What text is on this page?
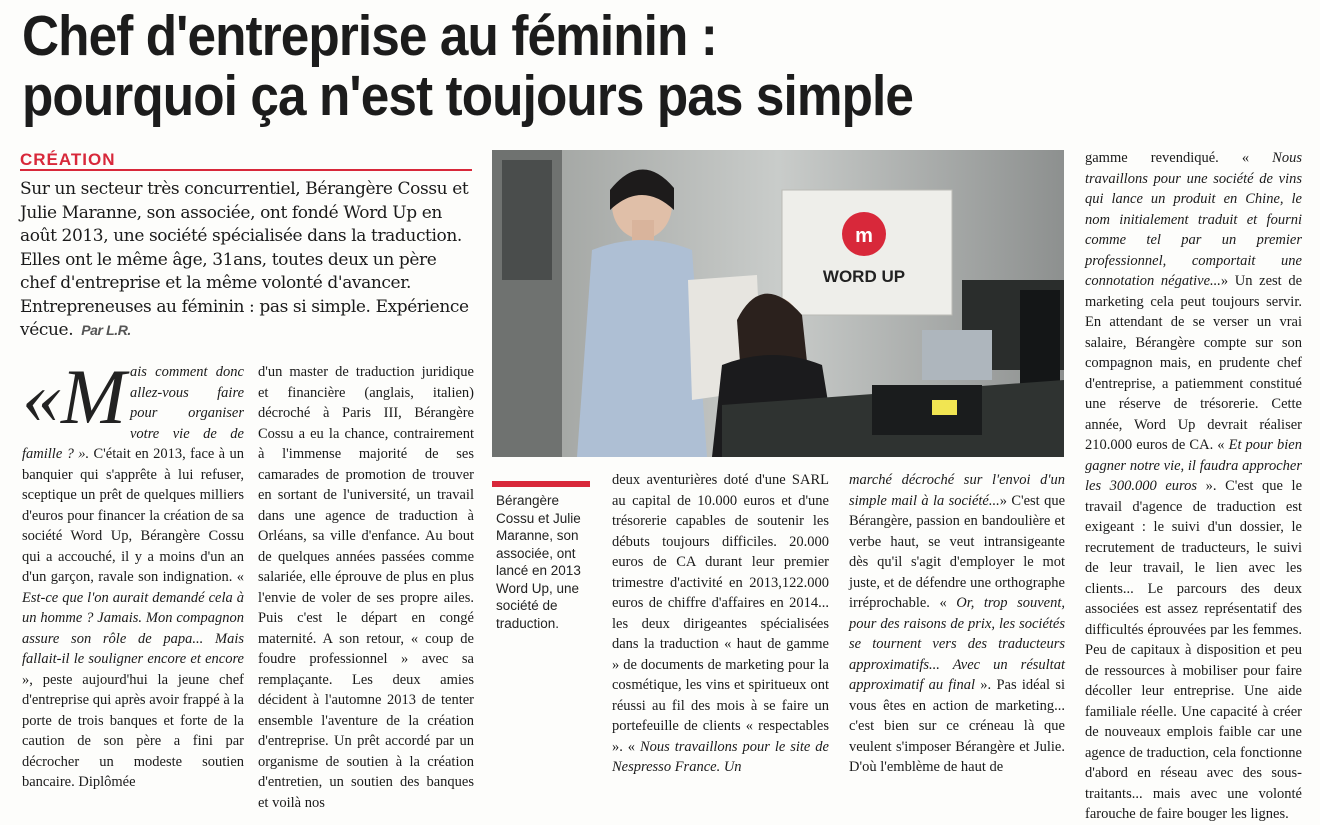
Chef d'entreprise au féminin :
pourquoi ça n'est toujours pas simple
CRÉATION
Sur un secteur très concurrentiel, Bérangère Cossu et Julie Maranne, son associée, ont fondé Word Up en août 2013, une société spécialisée dans la traduction. Elles ont le même âge, 31ans, toutes deux un père chef d'entreprise et la même volonté d'avancer. Entrepreneuses au féminin : pas si simple. Expérience vécue. Par L.R.

«Mais comment donc allez-vous faire pour organiser votre vie de de famille ? ». C'était en 2013, face à un banquier qui s'apprête à lui refuser, sceptique un prêt de quelques milliers d'euros pour financer la création de sa société Word Up, Bérangère Cossu qui a accouché, il y a moins d'un an d'un garçon, ravale son indignation. « Est-ce que l'on aurait demandé cela à un homme ? Jamais. Mon compagnon assure son rôle de papa... Mais fallait-il le souligner encore et encore », peste aujourd'hui la jeune chef d'entreprise qui après avoir frappé à la porte de trois banques et forte de la caution de son père a fini par décrocher un modeste soutien bancaire. Diplômée

d'un master de traduction juridique et financière (anglais, italien) décroché à Paris III, Bérangère Cossu a eu la chance, contrairement à l'immense majorité de ses camarades de promotion de trouver en sortant de l'université, un travail dans une agence de traduction à Orléans, sa ville d'enfance. Au bout de quelques années passées comme salariée, elle éprouve de plus en plus l'envie de voler de ses propre ailes. Puis c'est le départ en congé maternité. A son retour, « coup de foudre professionnel » avec sa remplaçante. Les deux amies décident à l'automne 2013 de tenter ensemble l'aventure de la création d'entreprise. Un prêt accordé par un organisme de soutien à la création d'entretien, un soutien des banques et voilà nos

m
WORD UP
Bérangère Cossu et Julie Maranne, son associée, ont lancé en 2013 Word Up, une société de traduction.

deux aventurières doté d'une SARL au capital de 10.000 euros et d'une trésorerie capables de soutenir les débuts toujours difficiles. 20.000 euros de CA durant leur premier trimestre d'activité en 2013,122.000 euros de chiffre d'affaires en 2014... les deux dirigeantes spécialisées dans la traduction « haut de gamme » de documents de marketing pour la cosmétique, les vins et spiritueux ont réussi au fil des mois à se faire un portefeuille de clients « respectables ». « Nous travaillons pour le site de Nespresso France. Un

marché décroché sur l'envoi d'un simple mail à la société...» C'est que Bérangère, passion en bandoulière et verbe haut, se veut intransigeante dès qu'il s'agit d'employer le mot juste, et de défendre une orthographe irréprochable. « Or, trop souvent, pour des raisons de prix, les sociétés se tournent vers des traducteurs approximatifs... Avec un résultat approximatif au final ». Pas idéal si vous êtes en action de marketing... c'est bien sur ce créneau là que veulent s'imposer Bérangère et Julie. D'où l'emblème de haut de

gamme revendiqué. « Nous travaillons pour une société de vins qui lance un produit en Chine, le nom initialement traduit et fourni comme tel par un premier professionnel, comportait une connotation négative...» Un zest de marketing cela peut toujours servir. En attendant de se verser un vrai salaire, Bérangère compte sur son compagnon mais, en prudente chef d'entreprise, a patiemment constitué une réserve de trésorerie. Cette année, Word Up devrait réaliser 210.000 euros de CA. « Et pour bien gagner notre vie, il faudra approcher les 300.000 euros ». C'est que le travail d'agence de traduction est exigeant : le suivi d'un dossier, le recrutement de traducteurs, le suivi de leur travail, le lien avec les clients... Le parcours des deux associées est assez représentatif des difficultés éprouvées par les femmes. Peu de capitaux à disposition et peu de ressources à mobiliser pour faire décoller leur entreprise. Une aide familiale réelle. Une capacité à créer de nouveaux emplois faible car une agence de traduction, cela fonctionne d'abord en réseau avec des sous-traitants... mais avec une volonté farouche de faire bouger les lignes.
